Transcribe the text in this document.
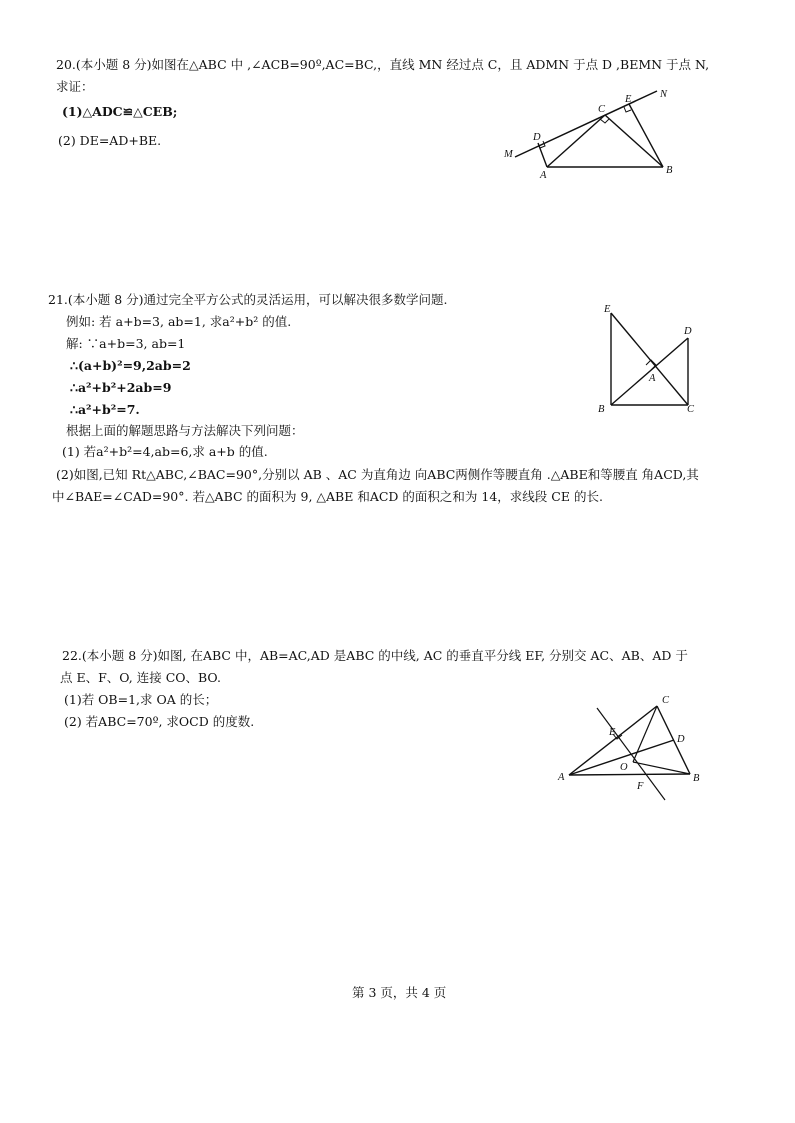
20.(本小题 8 分)如图在△ABC 中 ,∠ACB=90º,AC=BC,，直线 MN 经过点 C，且 ADMN 于点 D ,BEMN 于点 N,
求证：
(1)△ADC≌△CEB;
(2) DE=AD+BE.
M
D
A
C
E	N
B
21.(本小题 8 分)通过完全平方公式的灵活运用，可以解决很多数学问题.
例如: 若 a+b=3, ab=1, 求a²+b² 的值.
解: ∵a+b=3, ab=1
∴(a+b)²=9,2ab=2
∴a²+b²+2ab=9
∴a²+b²=7.
根据上面的解题思路与方法解决下列问题：
(1) 若a²+b²=4,ab=6,求 a+b 的值.
(2)如图,已知 Rt△ABC,∠BAC=90°,分别以 AB 、AC 为直角边 向ABC两侧作等腰直角 .△ABE和等腰直 角ACD,其
中∠BAE=∠CAD=90°. 若△ABC 的面积为 9, △ABE 和ACD 的面积之和为 14，求线段 CE 的长.
E
D
A
B	C
22.(本小题 8 分)如图, 在ABC 中，AB=AC,AD 是ABC 的中线, AC 的垂直平分线 EF, 分别交 AC、AB、AD 于
点 E、F、O, 连接 CO、BO.
(1)若 OB=1,求 OA 的长；
(2) 若ABC=70º, 求OCD 的度数.
C
E
D
A
O
B
F
第 3 页，共 4 页
